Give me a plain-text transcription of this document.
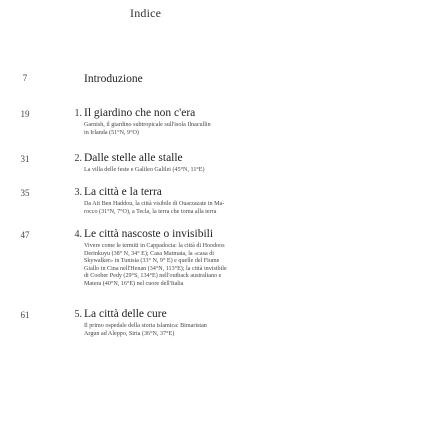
Indice
7	Introduzione
19	1. Il giardino che non c'era
Garnish, il giardino subtropicale sull'isola Ilnacullin
in Irlanda (51°N, 9°O)
31	2. Dalle stelle alle stalle
La villa delle feste e Galileo Galilei (45°N, 11°E)
35	3. La città e la terra
Da Ait Ben Haddou, la città visibile di Ouarzazate in Ma-
rocco (31°N, 7°O), a Tecla, la terra che torna alla terra
47	4. Le città nascoste o invisibili
Vivere come le termiti in Cappadocia: la città di Hoodoos
Derinkuyu (38° N, 34° E); Casa Matmata, la «casa di
Skywalker» in Tunisia (33° N, 9° E) e quelle del Fiume
Giallo in Cina nell'Henan (34°N, 113°E); la città invisibile
di Coober Pedy (29°S, 134°E) nell'outback australiano e
Matera (40°N, 16°E) nel cuore dell'Italia
61	5. La città delle cure
Il primo ospedale della storia islamica: Bimaristan
Argun ad Aleppo, Siria (36°N, 37°E)
